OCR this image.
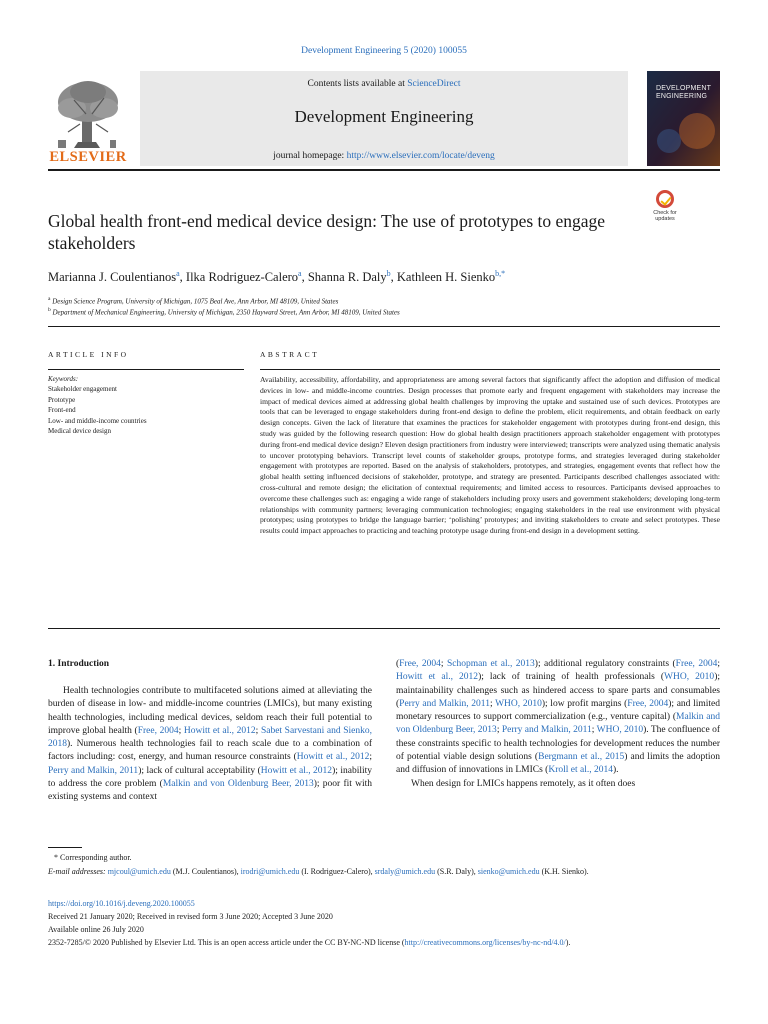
Development Engineering 5 (2020) 100055
Contents lists available at ScienceDirect
Development Engineering
journal homepage: http://www.elsevier.com/locate/deveng
ELSEVIER
DEVELOPMENT
ENGINEERING
Global health front-end medical device design: The use of prototypes to engage stakeholders
Check for
updates
Marianna J. Coulentianos$^a$, Ilka Rodriguez-Calero$^a$, Shanna R. Daly$^b$, Kathleen H. Sienko$^{b,*}$
$^a$ Design Science Program, University of Michigan, 1075 Beal Ave, Ann Arbor, MI 48109, United States
$^b$ Department of Mechanical Engineering, University of Michigan, 2350 Hayward Street, Ann Arbor, MI 48109, United States
ARTICLE INFO	ABSTRACT
Keywords:
Stakeholder engagement
Prototype
Front-end
Low- and middle-income countries
Medical device design
Availability, accessibility, affordability, and appropriateness are among several factors that significantly affect the adoption and diffusion of medical devices in low- and middle-income countries. Design processes that promote early and frequent engagement with stakeholders may increase the impact of medical devices aimed at addressing global health challenges by improving the uptake and sustained use of such devices. Prototypes are tools that can be leveraged to engage stakeholders during front-end design to define the problem, elicit requirements, and obtain feedback on early design concepts. Given the lack of literature that examines the practices for stakeholder engagement with prototypes during front-end design, this study was guided by the following research question: How do global health design practitioners approach stakeholder engagement with prototypes during front-end medical device design? Eleven design practitioners from industry were interviewed; transcripts were analyzed using thematic analysis to uncover prototyping behaviors. Transcript level counts of stakeholder groups, prototype forms, and strategies leveraged during stakeholder engagement with prototypes are reported. Based on the analysis of stakeholders, prototypes, and strategies, engagement events that reflect how the global health setting influenced decisions of stakeholder, prototype, and strategy are presented. Participants described challenges associated with: cross-cultural and remote design; the elicitation of contextual requirements; and limited access to resources. Participants devised approaches to overcome these challenges such as: engaging a wide range of stakeholders including proxy users and government stakeholders; developing long-term relationships with community partners; leveraging communication technologies; engaging stakeholders in the real use environment with physical prototypes; using prototypes to bridge the language barrier; ‘polishing’ prototypes; and inviting stakeholders to create and select prototypes. These results could impact approaches to practicing and teaching prototype usage during front-end design in a development setting.
1. Introduction

Health technologies contribute to multifaceted solutions aimed at alleviating the burden of disease in low- and middle-income countries (LMICs), but many existing health technologies, including medical devices, seldom reach their full potential to improve global health (Free, 2004; Howitt et al., 2012; Sabet Sarvestani and Sienko, 2018). Numerous health technologies fail to reach scale due to a combination of factors including: cost, energy, and human resource constraints (Howitt et al., 2012; Perry and Malkin, 2011); lack of cultural acceptability (Howitt et al., 2012); inability to address the core problem (Malkin and von Oldenburg Beer, 2013); poor fit with existing systems and context

(Free, 2004; Schopman et al., 2013); additional regulatory constraints (Free, 2004; Howitt et al., 2012); lack of training of health professionals (WHO, 2010); maintainability challenges such as hindered access to spare parts and consumables (Perry and Malkin, 2011; WHO, 2010); low profit margins (Free, 2004); and limited monetary resources to support commercialization (e.g., venture capital) (Malkin and von Oldenburg Beer, 2013; Perry and Malkin, 2011; WHO, 2010). The confluence of these constraints specific to health technologies for development reduces the number of potential viable design solutions (Bergmann et al., 2015) and limits the adoption and diffusion of innovations in LMICs (Kroll et al., 2014).

When design for LMICs happens remotely, as it often does

* Corresponding author.
E-mail addresses: mjcoul@umich.edu (M.J. Coulentianos), irodri@umich.edu (I. Rodriguez-Calero), srdaly@umich.edu (S.R. Daly), sienko@umich.edu (K.H. Sienko).
https://doi.org/10.1016/j.deveng.2020.100055
Received 21 January 2020; Received in revised form 3 June 2020; Accepted 3 June 2020
Available online 26 July 2020
2352-7285/© 2020 Published by Elsevier Ltd. This is an open access article under the CC BY-NC-ND license (http://creativecommons.org/licenses/by-nc-nd/4.0/).
